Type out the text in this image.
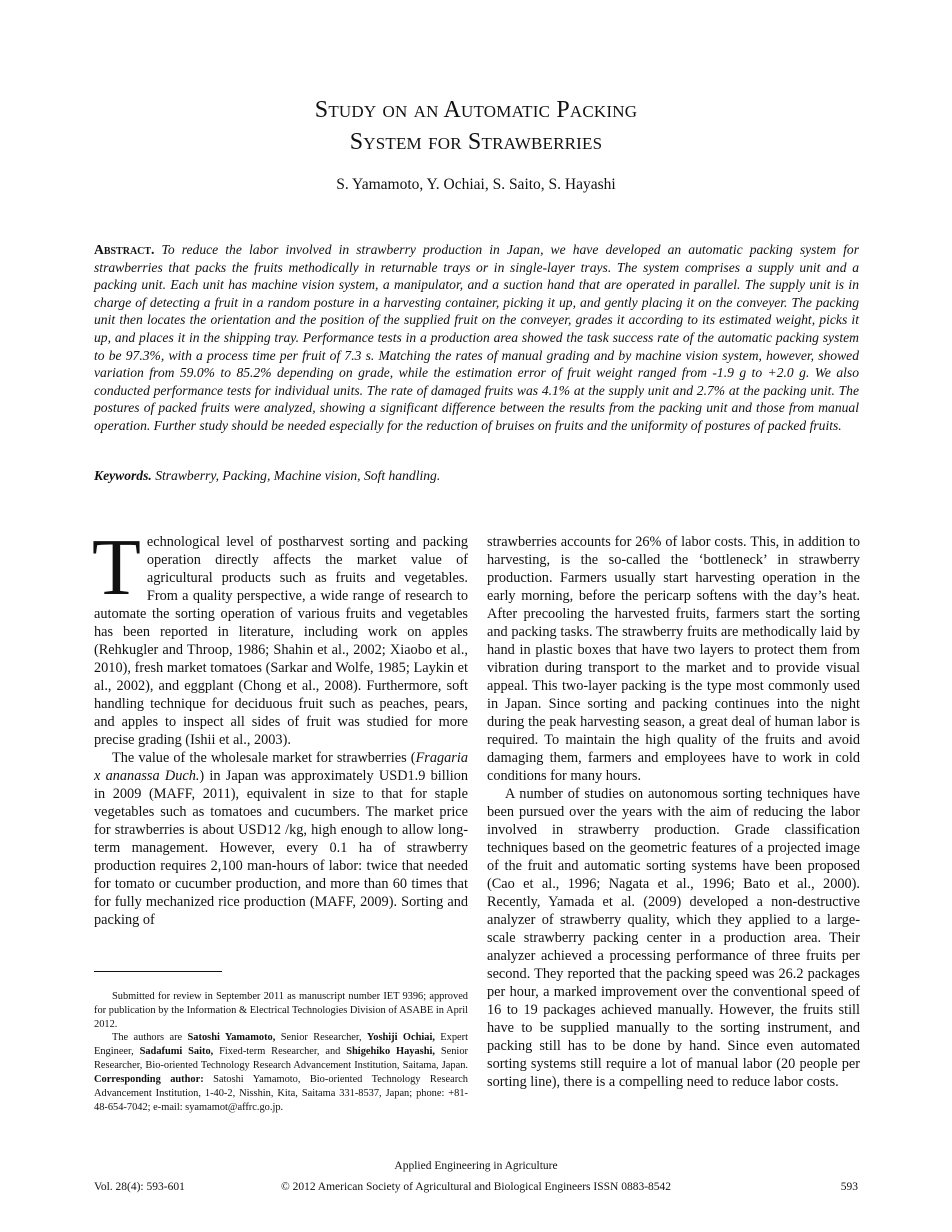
Study on an Automatic Packing
System for Strawberries
S. Yamamoto, Y. Ochiai, S. Saito, S. Hayashi
Abstract. To reduce the labor involved in strawberry production in Japan, we have developed an automatic packing system for strawberries that packs the fruits methodically in returnable trays or in single-layer trays. The system comprises a supply unit and a packing unit. Each unit has machine vision system, a manipulator, and a suction hand that are operated in parallel. The supply unit is in charge of detecting a fruit in a random posture in a harvesting container, picking it up, and gently placing it on the conveyer. The packing unit then locates the orientation and the position of the supplied fruit on the conveyer, grades it according to its estimated weight, picks it up, and places it in the shipping tray. Performance tests in a production area showed the task success rate of the automatic packing system to be 97.3%, with a process time per fruit of 7.3 s. Matching the rates of manual grading and by machine vision system, however, showed variation from 59.0% to 85.2% depending on grade, while the estimation error of fruit weight ranged from -1.9 g to +2.0 g. We also conducted performance tests for individual units. The rate of damaged fruits was 4.1% at the supply unit and 2.7% at the packing unit. The postures of packed fruits were analyzed, showing a significant difference between the results from the packing unit and those from manual operation. Further study should be needed especially for the reduction of bruises on fruits and the uniformity of postures of packed fruits.
Keywords. Strawberry, Packing, Machine vision, Soft handling.

Technological level of postharvest sorting and packing operation directly affects the market value of agricultural products such as fruits and vegetables. From a quality perspective, a wide range of research to automate the sorting operation of various fruits and vegetables has been reported in literature, including work on apples (Rehkugler and Throop, 1986; Shahin et al., 2002; Xiaobo et al., 2010), fresh market tomatoes (Sarkar and Wolfe, 1985; Laykin et al., 2002), and eggplant (Chong et al., 2008). Furthermore, soft handling technique for deciduous fruit such as peaches, pears, and apples to inspect all sides of fruit was studied for more precise grading (Ishii et al., 2003).

The value of the wholesale market for strawberries (Fragaria x ananassa Duch.) in Japan was approximately USD1.9 billion in 2009 (MAFF, 2011), equivalent in size to that for staple vegetables such as tomatoes and cucumbers. The market price for strawberries is about USD12 /kg, high enough to allow long-term management. However, every 0.1 ha of strawberry production requires 2,100 man-hours of labor: twice that needed for tomato or cucumber production, and more than 60 times that for fully mechanized rice production (MAFF, 2009). Sorting and packing of

strawberries accounts for 26% of labor costs. This, in addition to harvesting, is the so-called the ‘bottleneck’ in strawberry production. Farmers usually start harvesting operation in the early morning, before the pericarp softens with the day’s heat. After precooling the harvested fruits, farmers start the sorting and packing tasks. The strawberry fruits are methodically laid by hand in plastic boxes that have two layers to protect them from vibration during transport to the market and to provide visual appeal. This two-layer packing is the type most commonly used in Japan. Since sorting and packing continues into the night during the peak harvesting season, a great deal of human labor is required. To maintain the high quality of the fruits and avoid damaging them, farmers and employees have to work in cold conditions for many hours.

A number of studies on autonomous sorting techniques have been pursued over the years with the aim of reducing the labor involved in strawberry production. Grade classification techniques based on the geometric features of a projected image of the fruit and automatic sorting systems have been proposed (Cao et al., 1996; Nagata et al., 1996; Bato et al., 2000). Recently, Yamada et al. (2009) developed a non-destructive analyzer of strawberry quality, which they applied to a large-scale strawberry packing center in a production area. Their analyzer achieved a processing performance of three fruits per second. They reported that the packing speed was 26.2 packages per hour, a marked improvement over the conventional speed of 16 to 19 packages achieved manually. However, the fruits still have to be supplied manually to the sorting instrument, and packing still has to be done by hand. Since even automated sorting systems still require a lot of manual labor (20 people per sorting line), there is a compelling need to reduce labor costs.

Submitted for review in September 2011 as manuscript number IET 9396; approved for publication by the Information & Electrical Technologies Division of ASABE in April 2012.

The authors are Satoshi Yamamoto, Senior Researcher, Yoshiji Ochiai, Expert Engineer, Sadafumi Saito, Fixed-term Researcher, and Shigehiko Hayashi, Senior Researcher, Bio-oriented Technology Research Advancement Institution, Saitama, Japan. Corresponding author: Satoshi Yamamoto, Bio-oriented Technology Research Advancement Institution, 1-40-2, Nisshin, Kita, Saitama 331-8537, Japan; phone: +81-48-654-7042; e-mail: syamamot@affrc.go.jp.

Applied Engineering in Agriculture
Vol. 28(4): 593-601	© 2012 American Society of Agricultural and Biological Engineers ISSN 0883-8542	593
